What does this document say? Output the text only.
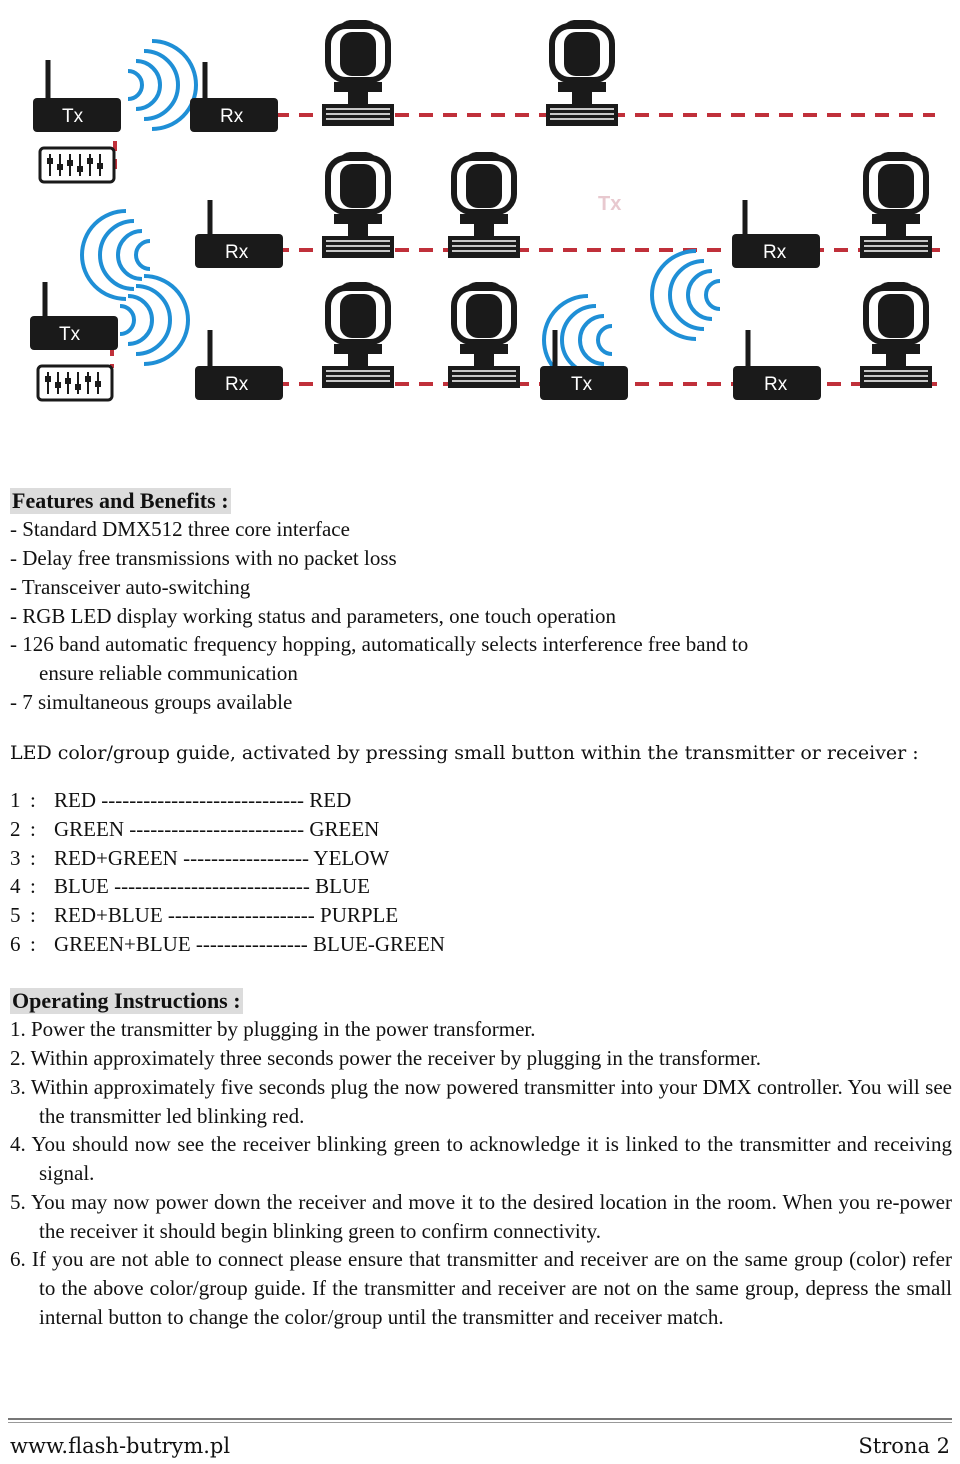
Tx	Rx
Rx
Tx
Rx
Tx
Rx	Tx	Rx
Features and Benefits :
- Standard DMX512 three core interface
- Delay free transmissions with no packet loss
- Transceiver auto-switching
- RGB LED display working status and parameters, one touch operation
- 126 band automatic frequency hopping, automatically selects interference free band to
ensure reliable communication
- 7 simultaneous groups available
LED color/group guide, activated by pressing small button within the transmitter or receiver :
1 : RED ----------------------------- RED
2 : GREEN ------------------------- GREEN
3 : RED+GREEN ------------------ YELOW
4 : BLUE ---------------------------- BLUE
5 : RED+BLUE --------------------- PURPLE
6 : GREEN+BLUE ---------------- BLUE-GREEN
Operating Instructions :
1. Power the transmitter by plugging in the power transformer.
2. Within approximately three seconds power the receiver by plugging in the transformer.
3. Within approximately five seconds plug the now powered transmitter into your DMX controller. You will see the transmitter led blinking red.
4. You should now see the receiver blinking green to acknowledge it is linked to the transmitter and receiving signal.
5. You may now power down the receiver and move it to the desired location in the room. When you re-power the receiver it should begin blinking green to confirm connectivity.
6. If you are not able to connect please ensure that transmitter and receiver are on the same group (color) refer to the above color/group guide. If the transmitter and receiver are not on the same group, depress the small internal button to change the color/group until the transmitter and receiver match.
www.flash-butrym.pl	Strona 2
